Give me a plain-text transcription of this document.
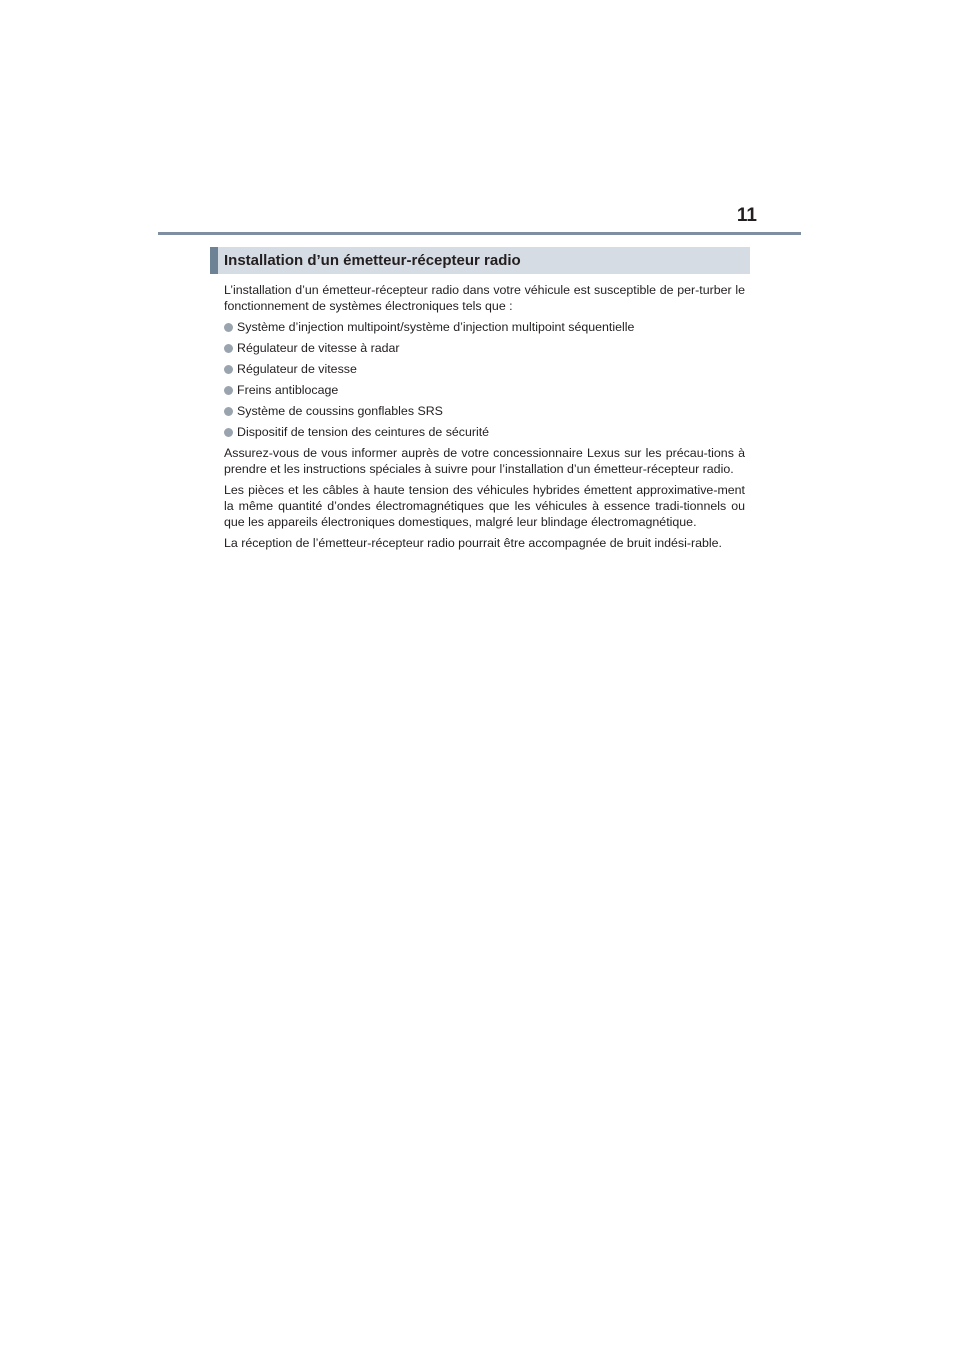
11
Installation d’un émetteur-récepteur radio

L’installation d’un émetteur-récepteur radio dans votre véhicule est susceptible de per-turber le fonctionnement de systèmes électroniques tels que :

Système d’injection multipoint/système d’injection multipoint séquentielle
Régulateur de vitesse à radar
Régulateur de vitesse
Freins antiblocage
Système de coussins gonflables SRS
Dispositif de tension des ceintures de sécurité

Assurez-vous de vous informer auprès de votre concessionnaire Lexus sur les précau-tions à prendre et les instructions spéciales à suivre pour l’installation d’un émetteur-récepteur radio.

Les pièces et les câbles à haute tension des véhicules hybrides émettent approximative-ment la même quantité d’ondes électromagnétiques que les véhicules à essence tradi-tionnels ou que les appareils électroniques domestiques, malgré leur blindage électromagnétique.

La réception de l’émetteur-récepteur radio pourrait être accompagnée de bruit indési-rable.
